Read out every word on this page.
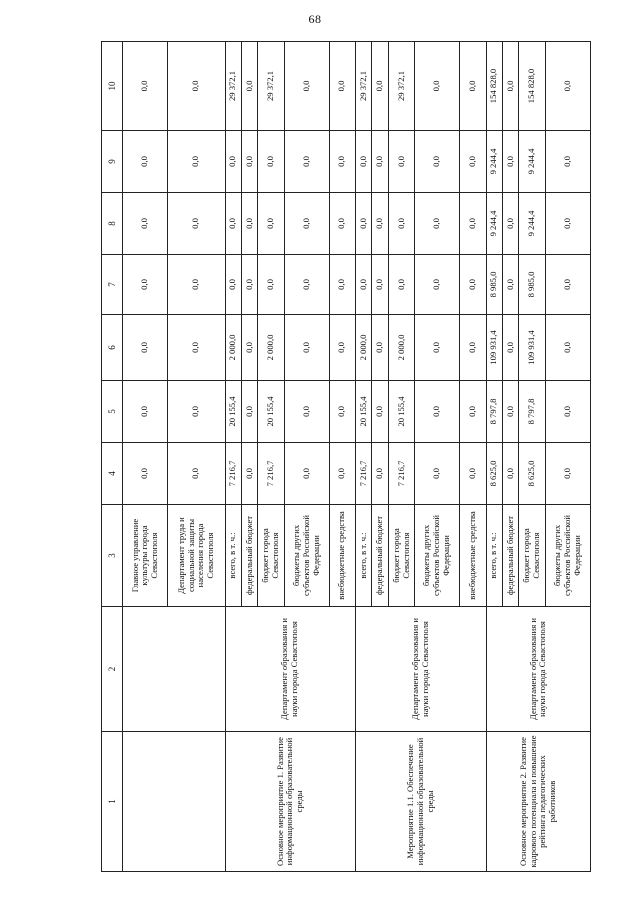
68
1	2	3	4	5	6	7	8	9	10
		Главное управление культуры города Севастополя	0,0	0,0	0,0	0,0	0,0	0,0	0,0
		Департамент труда и социальной защиты населения города Севастополя	0,0	0,0	0,0	0,0	0,0	0,0	0,0
Основное мероприятие 1. Развитие информационной образовательной среды	Департамент образования и науки города Севастополя	всего, в т. ч.:	7 216,7	20 155,4	2 000,0	0,0	0,0	0,0	29 372,1
		федеральный бюджет	0,0	0,0	0,0	0,0	0,0	0,0	0,0
		бюджет города Севастополя	7 216,7	20 155,4	2 000,0	0,0	0,0	0,0	29 372,1
		бюджеты других субъектов Российской Федерации	0,0	0,0	0,0	0,0	0,0	0,0	0,0
		внебюджетные средства	0,0	0,0	0,0	0,0	0,0	0,0	0,0
Мероприятие 1.1. Обеспечение информационной образовательной среды	Департамент образования и науки города Севастополя	всего, в т. ч.:	7 216,7	20 155,4	2 000,0	0,0	0,0	0,0	29 372,1
		федеральный бюджет	0,0	0,0	0,0	0,0	0,0	0,0	0,0
		бюджет города Севастополя	7 216,7	20 155,4	2 000,0	0,0	0,0	0,0	29 372,1
		бюджеты других субъектов Российской Федерации	0,0	0,0	0,0	0,0	0,0	0,0	0,0
		внебюджетные средства	0,0	0,0	0,0	0,0	0,0	0,0	0,0
Основное мероприятие 2. Развитие кадрового потенциала и повышение рейтинга педагогических работников	Департамент образования и науки города Севастополя	всего, в т. ч.:	8 625,0	8 797,8	109 931,4	8 985,0	9 244,4	9 244,4	154 828,0
		федеральный бюджет	0,0	0,0	0,0	0,0	0,0	0,0	0,0
		бюджет города Севастополя	8 625,0	8 797,8	109 931,4	8 985,0	9 244,4	9 244,4	154 828,0
		бюджеты других субъектов Российской Федерации	0,0	0,0	0,0	0,0	0,0	0,0	0,0
